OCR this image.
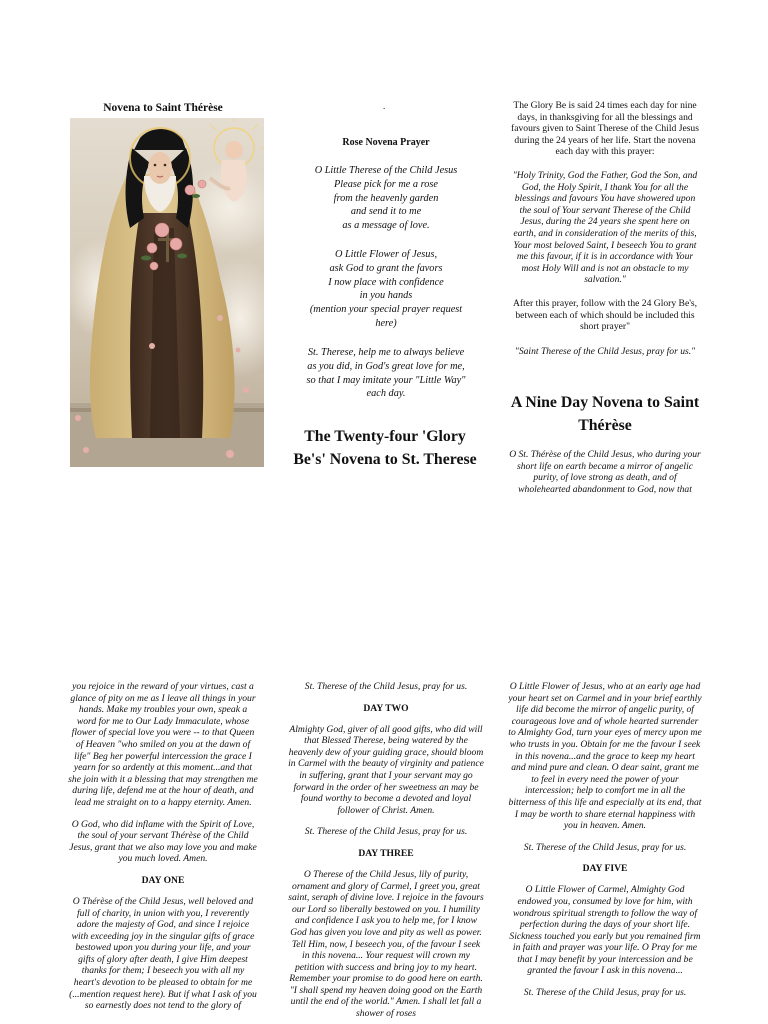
Novena to Saint Thérèse	.
Rose Novena Prayer
O Little Therese of the Child Jesus
Please pick for me a rose
from the heavenly garden
and send it to me
as a message of love.
O Little Flower of Jesus,
ask God to grant the favors
I now place with confidence
in you hands
(mention your special prayer request
here)
St. Therese, help me to always believe
as you did, in God's great love for me,
so that I may imitate your "Little Way"
each day.
The Twenty-four 'Glory Be's' Novena to St. Therese
The Glory Be is said 24 times each day for nine days, in thanksgiving for all the blessings and favours given to Saint Therese of the Child Jesus during the 24 years of her life. Start the novena each day with this prayer:
"Holy Trinity, God the Father, God the Son, and God, the Holy Spirit, I thank You for all the blessings and favours You have showered upon the soul of Your servant Therese of the Child Jesus, during the 24 years she spent here on earth, and in consideration of the merits of this, Your most beloved Saint, I beseech You to grant me this favour, if it is in accordance with Your most Holy Will and is not an obstacle to my salvation."
After this prayer, follow with the 24 Glory Be's, between each of which should be included this short prayer"
"Saint Therese of the Child Jesus, pray for us."
A Nine Day Novena to Saint Thérèse
O St. Thérèse of the Child Jesus, who during your short life on earth became a mirror of angelic purity, of love strong as death, and of wholehearted abandonment to God, now that

you rejoice in the reward of your virtues, cast a glance of pity on me as I leave all things in your hands. Make my troubles your own, speak a word for me to Our Lady Immaculate, whose flower of special love you were -- to that Queen of Heaven "who smiled on you at the dawn of life" Beg her powerful intercession the grace I yearn for so ardently at this moment...and that she join with it a blessing that may strengthen me during life, defend me at the hour of death, and lead me straight on to a happy eternity. Amen.

O God, who did inflame with the Spirit of Love, the soul of your servant Thérèse of the Child Jesus, grant that we also may love you and make you much loved. Amen.

DAY ONE

O Thérèse of the Child Jesus, well beloved and full of charity, in union with you, I reverently adore the majesty of God, and since I rejoice with exceeding joy in the singular gifts of grace bestowed upon you during your life, and your gifts of glory after death, I give Him deepest thanks for them; I beseech you with all my heart's devotion to be pleased to obtain for me (...mention request here). But if what I ask of you so earnestly does not tend to the glory of

St. Therese of the Child Jesus, pray for us.

DAY TWO

Almighty God, giver of all good gifts, who did will that Blessed Therese, being watered by the heavenly dew of your guiding grace, should bloom in Carmel with the beauty of virginity and patience in suffering, grant that I your servant may go forward in the order of her sweetness an may be found worthy to become a devoted and loyal follower of Christ. Amen.

St. Therese of the Child Jesus, pray for us.

DAY THREE

O Therese of the Child Jesus, lily of purity, ornament and glory of Carmel, I greet you, great saint, seraph of divine love. I rejoice in the favours our Lord so liberally bestowed on you. I humility and confidence I ask you to help me, for I know God has given you love and pity as well as power. Tell Him, now, I beseech you, of the favour I seek in this novena... Your request will crown my petition with success and bring joy to my heart. Remember your promise to do good here on earth. "I shall spend my heaven doing good on the Earth until the end of the world." Amen. I shall let fall a shower of roses

O Little Flower of Jesus, who at an early age had your heart set on Carmel and in your brief earthly life did become the mirror of angelic purity, of courageous love and of whole hearted surrender to Almighty God, turn your eyes of mercy upon me who trusts in you. Obtain for me the favour I seek in this novena...and the grace to keep my heart and mind pure and clean. O dear saint, grant me to feel in every need the power of your intercession; help to comfort me in all the bitterness of this life and especially at its end, that I may be worth to share eternal happiness with you in heaven. Amen.

St. Therese of the Child Jesus, pray for us.

DAY FIVE

O Little Flower of Carmel, Almighty God endowed you, consumed by love for him, with wondrous spiritual strength to follow the way of perfection during the days of your short life. Sickness touched you early but you remained firm in faith and prayer was your life. O Pray for me that I may benefit by your intercession and be granted the favour I ask in this novena...

St. Therese of the Child Jesus, pray for us.
